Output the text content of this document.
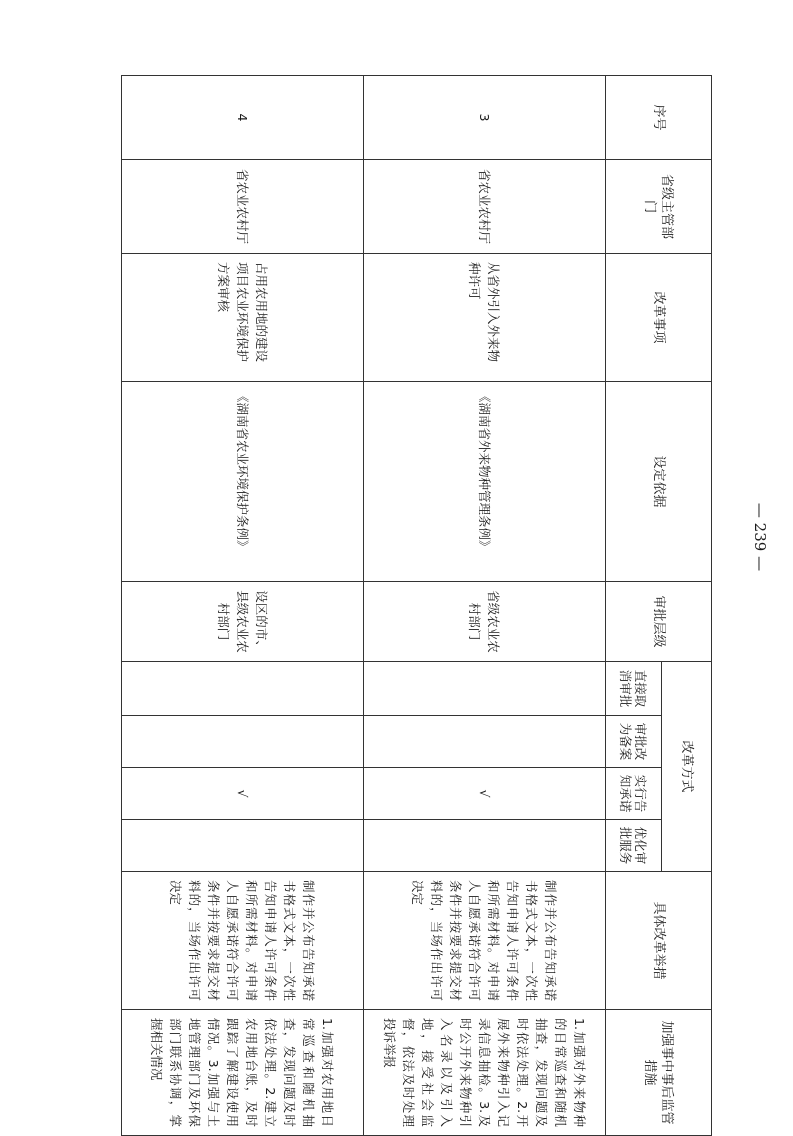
序号	省级主管部门	改革事项	设定依据	审批层级	改革方式				具体改革举措	加强事中事后监管措施
					直接取消审批	审批改为备案	实行告知承诺	优化审批服务		
3	省农业农村厅	从省外引入外来物种许可	《湖南省外来物种管理条例》	省级农业农村部门			√		制作并公布告知承诺书格式文本，一次性告知申请人许可条件和所需材料。对申请人自愿承诺符合许可条件并按要求提交材料的，当场作出许可决定	1.加强对外来物种的日常巡查和随机抽查，发现问题及时依法处理。2.开展外来物种引入记录信息抽检。3.及时公开外来物种引入名录以及引入地，接受社会监督，依法及时处理投诉举报
4	省农业农村厅	占用农用地的建设项目农业环境保护方案审核	《湖南省农业环境保护条例》	设区的市、县级农业农村部门			√		制作并公布告知承诺书格式文本，一次性告知申请人许可条件和所需材料。对申请人自愿承诺符合许可条件并按要求提交材料的，当场作出许可决定	1.加强对农用地日常巡查和随机抽查，发现问题及时依法处理。2.建立农用地台账，及时跟踪了解建设使用情况。3.加强与土地管理部门及环保部门联系协调，掌握相关情况
— 239 —
